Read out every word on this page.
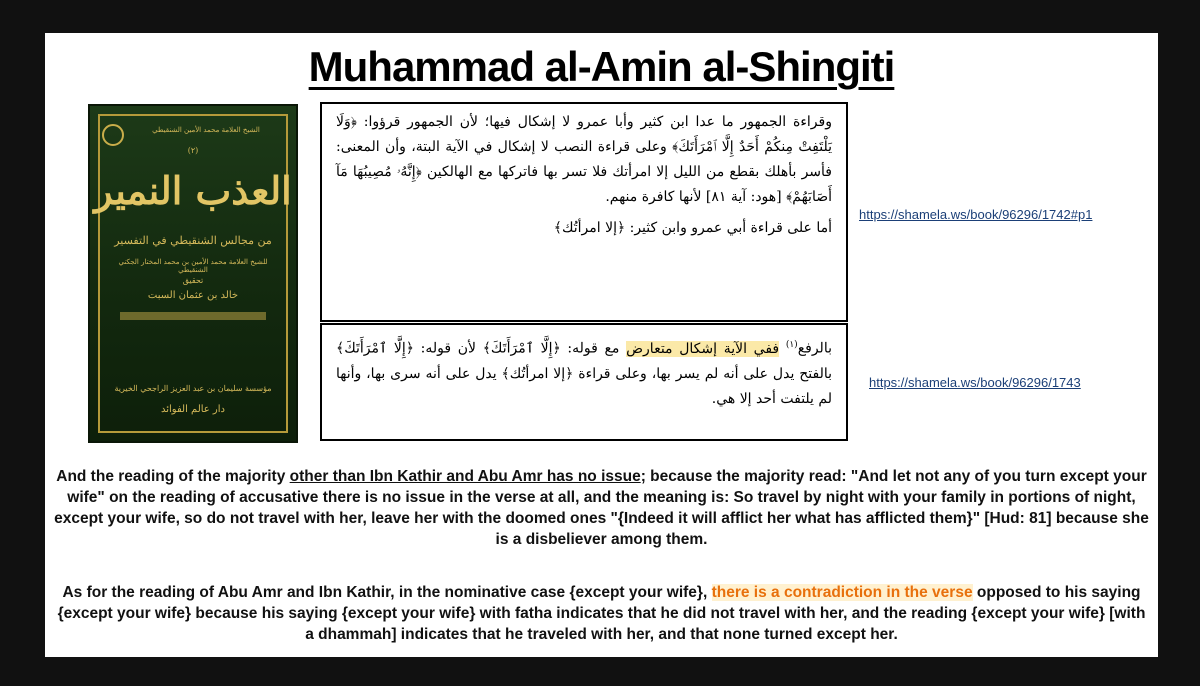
Muhammad al-Amin al-Shingiti
الشيخ العلامة محمد الأمين الشنقيطي
(٢)
العذب النمير
من مجالس الشنقيطي في التفسير
للشيخ العلامة محمد الأمين بن محمد المختار الجكني الشنقيطي
تحقيق
خالد بن عثمان السبت
مؤسسة سليمان بن عبد العزيز الراجحي الخيرية
دار عالم الفوائد

وقراءة الجمهور ما عدا ابن كثير وأبا عمرو لا إشكال فيها؛ لأن الجمهور قرؤوا: ﴿وَلَا يَلْتَفِتْ مِنكُمْ أَحَدٌ إِلَّا ٱمْرَأَتَكَ﴾ وعلى قراءة النصب لا إشكال في الآية البتة، وأن المعنى: فأسر بأهلك بقطع من الليل إلا امرأتك فلا تسر بها فاتركها مع الهالكين ﴿إِنَّهُۥ مُصِيبُهَا مَآ أَصَابَهُمْ﴾ [هود: آية ٨١] لأنها كافرة منهم.

أما على قراءة أبي عمرو وابن كثير: ﴿إلا امرأتُك﴾

بالرفع$^{(١)}$ ففي الآية إشكال متعارض مع قوله: ﴿إِلَّا ٱمْرَأَتَكَ﴾ لأن قوله: ﴿إِلَّا ٱمْرَأَتَكَ﴾ بالفتح يدل على أنه لم يسر بها، وعلى قراءة ﴿إلا امرأتُك﴾ يدل على أنه سرى بها، وأنها لم يلتفت أحد إلا هي.

https://shamela.ws/book/96296/1742#p1
https://shamela.ws/book/96296/1743
And the reading of the majority other than Ibn Kathir and Abu Amr has no issue; because the majority read: "And let not any of you turn except your wife" on the reading of accusative there is no issue in the verse at all, and the meaning is: So travel by night with your family in portions of night, except your wife, so do not travel with her, leave her with the doomed ones "{Indeed it will afflict her what has afflicted them}" [Hud: 81] because she is a disbeliever among them.
As for the reading of Abu Amr and Ibn Kathir, in the nominative case {except your wife}, there is a contradiction in the verse opposed to his saying {except your wife} because his saying {except your wife} with fatha indicates that he did not travel with her, and the reading {except your wife} [with a dhammah] indicates that he traveled with her, and that none turned except her.
